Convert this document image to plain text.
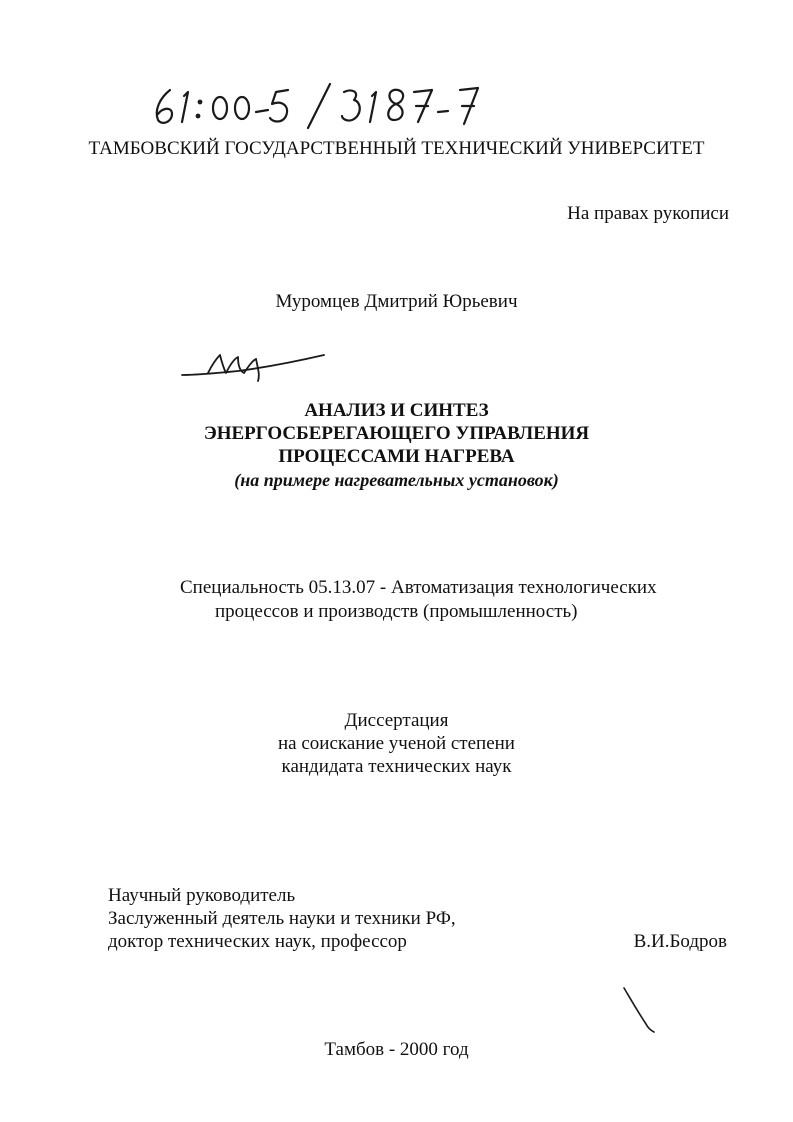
ТАМБОВСКИЙ ГОСУДАРСТВЕННЫЙ ТЕХНИЧЕСКИЙ УНИВЕРСИТЕТ
На правах рукописи
Муромцев Дмитрий Юрьевич
АНАЛИЗ И СИНТЕЗ
ЭНЕРГОСБЕРЕГАЮЩЕГО УПРАВЛЕНИЯ
ПРОЦЕССАМИ НАГРЕВА
(на примере нагревательных установок)
Специальность 05.13.07 - Автоматизация технологических
процессов и производств (промышленность)
Диссертация
на соискание ученой степени
кандидата технических наук
Научный руководитель
Заслуженный деятель науки и техники РФ,
доктор технических наук, профессор	В.И.Бодров
Тамбов - 2000 год
